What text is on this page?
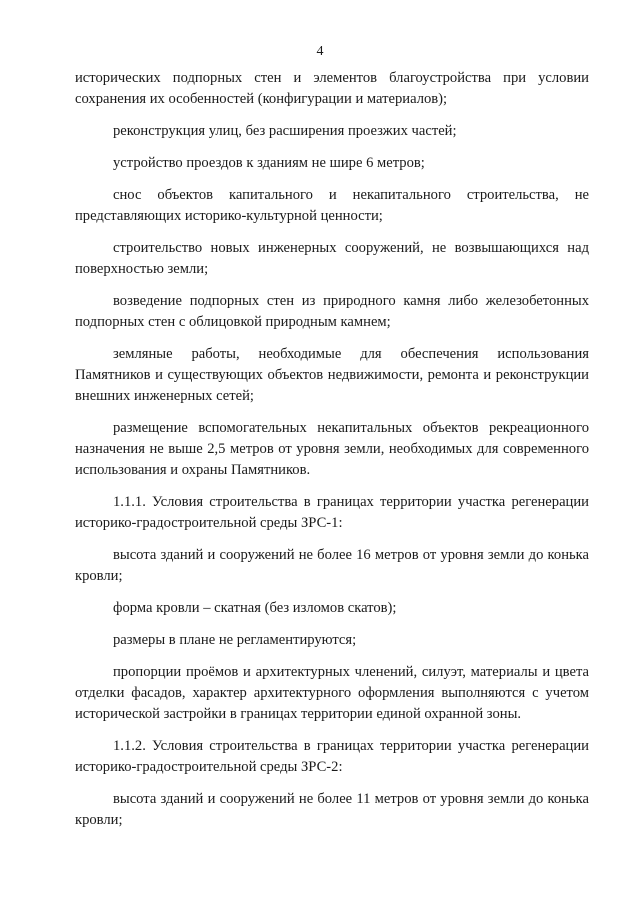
4

исторических подпорных стен и элементов благоустройства при условии сохранения их особенностей (конфигурации и материалов);

реконструкция улиц, без расширения проезжих частей;

устройство проездов к зданиям не шире 6 метров;

снос объектов капитального и некапитального строительства, не представляющих историко-культурной ценности;

строительство новых инженерных сооружений, не возвышающихся над поверхностью земли;

возведение подпорных стен из природного камня либо железобетонных подпорных стен с облицовкой природным камнем;

земляные работы, необходимые для обеспечения использования Памятников и существующих объектов недвижимости, ремонта и реконструкции внешних инженерных сетей;

размещение вспомогательных некапитальных объектов рекреационного назначения не выше 2,5 метров от уровня земли, необходимых для современного использования и охраны Памятников.

1.1.1. Условия строительства в границах территории участка регенерации историко-градостроительной среды ЗРС-1:

высота зданий и сооружений не более 16 метров от уровня земли до конька кровли;

форма кровли – скатная (без изломов скатов);

размеры в плане не регламентируются;

пропорции проёмов и архитектурных членений, силуэт, материалы и цвета отделки фасадов, характер архитектурного оформления выполняются с учетом исторической застройки в границах территории единой охранной зоны.

1.1.2. Условия строительства в границах территории участка регенерации историко-градостроительной среды ЗРС-2:

высота зданий и сооружений не более 11 метров от уровня земли до конька кровли;
